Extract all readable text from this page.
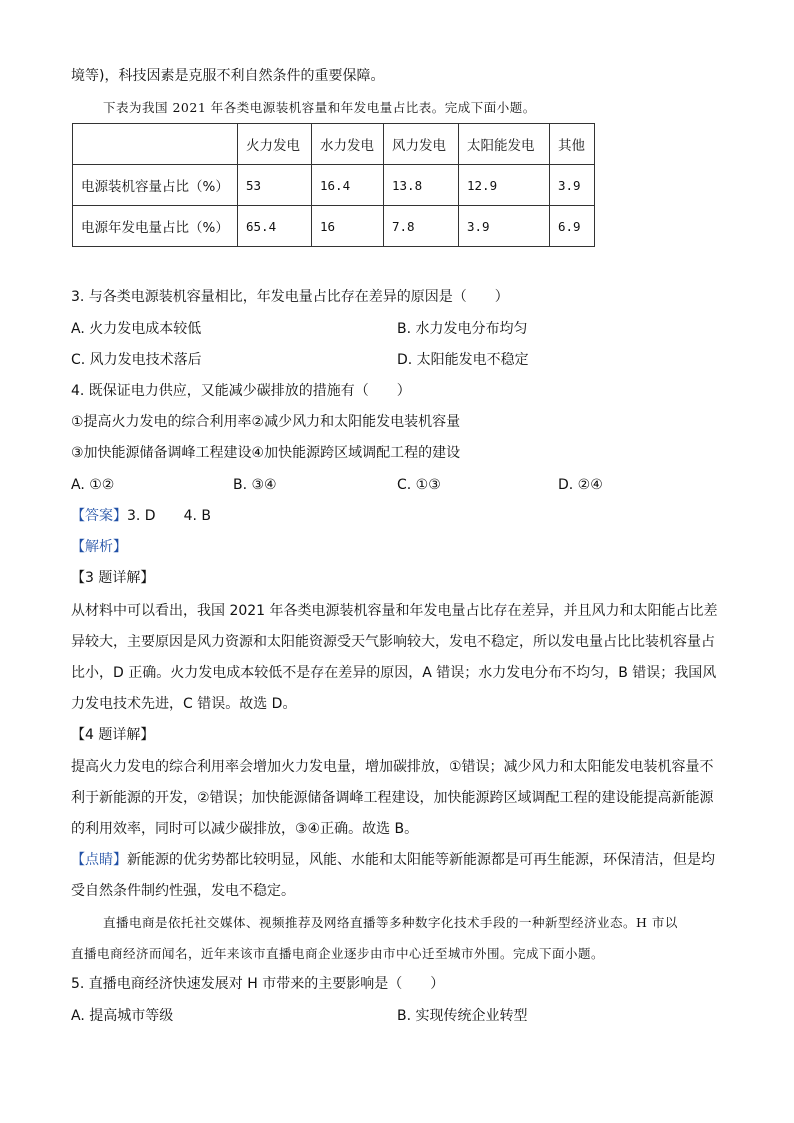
境等)，科技因素是克服不利自然条件的重要保障。
下表为我国 2021 年各类电源装机容量和年发电量占比表。完成下面小题。
	火力发电	水力发电	风力发电	太阳能发电	其他
电源装机容量占比（%）	53	16.4	13.8	12.9	3.9
电源年发电量占比（%）	65.4	16	7.8	3.9	6.9
3. 与各类电源装机容量相比，年发电量占比存在差异的原因是（　　）
A. 火力发电成本较低	B. 水力发电分布均匀
C. 风力发电技术落后	D. 太阳能发电不稳定
4. 既保证电力供应，又能减少碳排放的措施有（　　）
①提高火力发电的综合利用率②减少风力和太阳能发电装机容量
③加快能源储备调峰工程建设④加快能源跨区域调配工程的建设
A. ①②	B. ③④	C. ①③	D. ②④
【答案】3. D　　4. B
【解析】
【3 题详解】
从材料中可以看出，我国 2021 年各类电源装机容量和年发电量占比存在差异，并且风力和太阳能占比差
异较大，主要原因是风力资源和太阳能资源受天气影响较大，发电不稳定，所以发电量占比比装机容量占
比小，D 正确。火力发电成本较低不是存在差异的原因，A 错误；水力发电分布不均匀，B 错误；我国风
力发电技术先进，C 错误。故选 D。
【4 题详解】
提高火力发电的综合利用率会增加火力发电量，增加碳排放，①错误；减少风力和太阳能发电装机容量不
利于新能源的开发，②错误；加快能源储备调峰工程建设，加快能源跨区域调配工程的建设能提高新能源
的利用效率，同时可以减少碳排放，③④正确。故选 B。
【点睛】新能源的优劣势都比较明显，风能、水能和太阳能等新能源都是可再生能源，环保清洁，但是均
受自然条件制约性强，发电不稳定。
直播电商是依托社交媒体、视频推荐及网络直播等多种数字化技术手段的一种新型经济业态。H 市以
直播电商经济而闻名，近年来该市直播电商企业逐步由市中心迁至城市外围。完成下面小题。
5. 直播电商经济快速发展对 H 市带来的主要影响是（　　）
A. 提高城市等级	B. 实现传统企业转型
